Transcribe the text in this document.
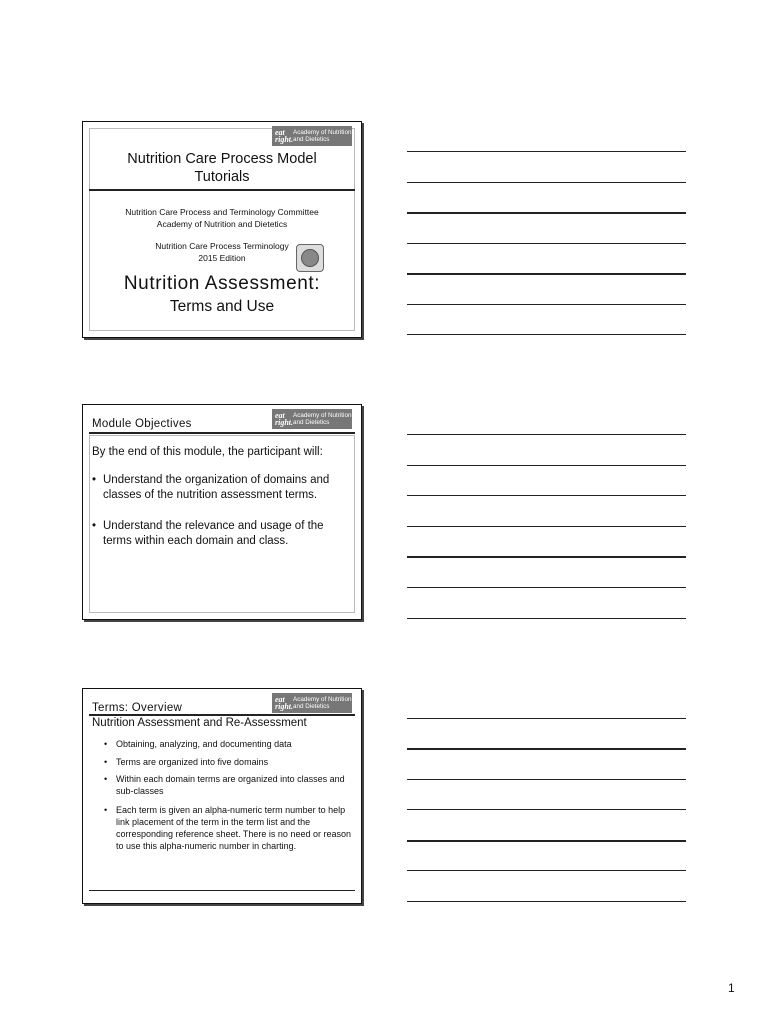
eat right.
Academy of Nutrition
and Dietetics
Nutrition Care Process Model
Tutorials
Nutrition Care Process and Terminology Committee
Academy of Nutrition and Dietetics
Nutrition Care Process Terminology
2015 Edition
Nutrition Assessment:
Terms and Use
eat right.
Academy of Nutrition
and Dietetics
Module Objectives
By the end of this module, the participant will:
• Understand the organization of domains and classes of the nutrition assessment terms.
• Understand the relevance and usage of the terms within each domain and class.
eat right.
Academy of Nutrition
and Dietetics
Terms: Overview
Nutrition Assessment and Re-Assessment
• Obtaining, analyzing, and documenting data
• Terms are organized into five domains
• Within each domain terms are organized into classes and sub-classes
• Each term is given an alpha-numeric term number to help link placement of the term in the term list and the corresponding reference sheet. There is no need or reason to use this alpha-numeric number in charting.
1
